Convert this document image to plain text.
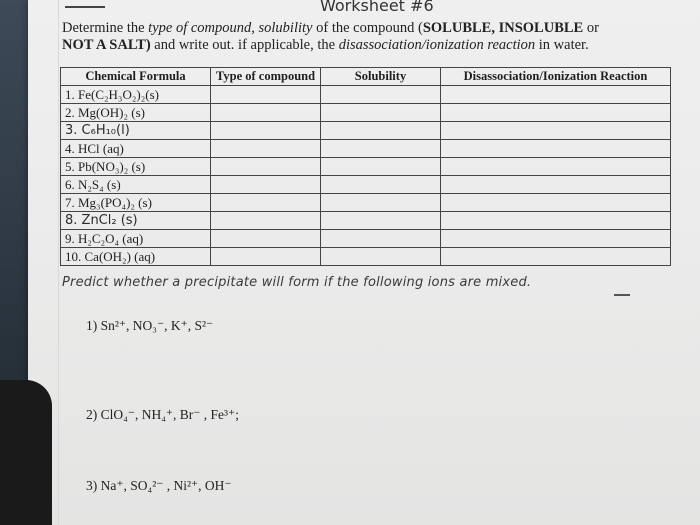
Worksheet #6
Determine the type of compound, solubility of the compound (SOLUBLE, INSOLUBLE or
NOT A SALT) and write out. if applicable, the disassociation/ionization reaction in water.
Chemical Formula	Type of compound	Solubility	Disassociation/Ionization Reaction
1. Fe(C₂H₃O₂)₂(s)			
2. Mg(OH)₂ (s)			
3. C₆H₁₀(l)			
4. HCl (aq)			
5. Pb(NO₃)₂ (s)			
6. N₂S₄ (s)			
7. Mg₃(PO₄)₂ (s)			
8. ZnCl₂ (s)			
9. H₂C₂O₄ (aq)			
10. Ca(OH₂) (aq)			
Predict whether a precipitate will form if the following ions are mixed.
1) Sn²⁺, NO₃⁻, K⁺, S²⁻
2) ClO₄⁻, NH₄⁺, Br⁻ , Fe³⁺;
3) Na⁺, SO₄²⁻ , Ni²⁺, OH⁻
